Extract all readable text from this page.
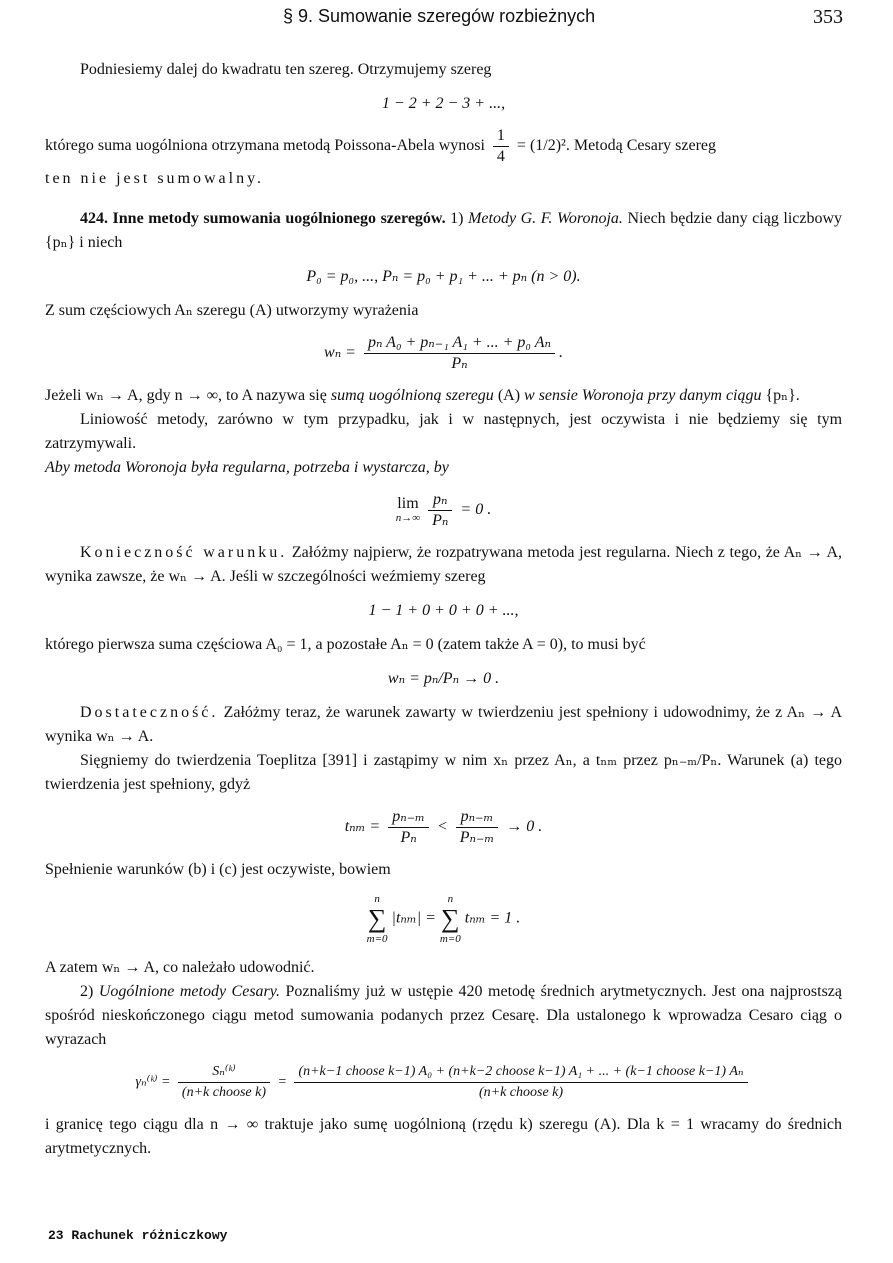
§ 9. Sumowanie szeregów rozbieżnych	353

Podniesiemy dalej do kwadratu ten szereg. Otrzymujemy szereg

1 − 2 + 2 − 3 + ...,

którego suma uogólniona otrzymana metodą Poissona-Abela wynosi $\frac{1}{4} = (1/2)^2$. Metodą Cesary szereg
ten nie jest sumowalny.

424. Inne metody sumowania uogólnionego szeregów. 1) Metody G. F. Woronoja. Niech będzie dany ciąg liczbowy {pₙ} i niech

P₀ = p₀, ..., Pₙ = p₀ + p₁ + ... + pₙ (n > 0).

Z sum częściowych Aₙ szeregu (A) utworzymy wyrażenia

$w_n = \frac{\text{pₙ A₀ + pₙ₋₁ A₁ + ... + p₀ Aₙ}}{\text{Pₙ}}$ .

Jeżeli wₙ → A, gdy n → ∞, to A nazywa się sumą uogólnioną szeregu (A) w sensie Woronoja przy danym ciągu {pₙ}.

Liniowość metody, zarówno w tym przypadku, jak i w następnych, jest oczywista i nie będziemy się tym zatrzymywali.

Aby metoda Woronoja była regularna, potrzeba i wystarcza, by

lim
n→∞
$\frac{\text{pₙ}}{\text{Pₙ}} = 0$ .

Konieczność warunku. Załóżmy najpierw, że rozpatrywana metoda jest regularna. Niech z tego, że Aₙ → A, wynika zawsze, że wₙ → A. Jeśli w szczególności weźmiemy szereg

1 − 1 + 0 + 0 + 0 + ...,

którego pierwsza suma częściowa A₀ = 1, a pozostałe Aₙ = 0 (zatem także A = 0), to musi być

wₙ = pₙ/Pₙ → 0 .

Dostateczność. Załóżmy teraz, że warunek zawarty w twierdzeniu jest spełniony i udowodnimy, że z Aₙ → A wynika wₙ → A.

Sięgniemy do twierdzenia Toeplitza [391] i zastąpimy w nim xₙ przez Aₙ, a tₙₘ przez pₙ₋ₘ/Pₙ. Warunek (a) tego twierdzenia jest spełniony, gdyż

$t_{nm} = \frac{\text{pₙ₋ₘ}}{\text{Pₙ}} < \frac{\text{pₙ₋ₘ}}{\text{Pₙ₋ₘ}} \to 0$ .

Spełnienie warunków (b) i (c) jest oczywiste, bowiem

n
∑
m=0
|tₙₘ| =
n
∑
m=0
tₙₘ = 1 .

A zatem wₙ → A, co należało udowodnić.

2) Uogólnione metody Cesary. Poznaliśmy już w ustępie 420 metodę średnich arytmetycznych. Jest ona najprostszą spośród nieskończonego ciągu metod sumowania podanych przez Cesarę. Dla ustalonego k wprowadza Cesaro ciąg o wyrazach

γₙ⁽ᵏ⁾ = $\frac{\text{Sₙ⁽ᵏ⁾}}{\text{(n+k choose k)}}$ =
(n+k−1 choose k−1) A₀ + (n+k−2 choose k−1) A₁ + ... + (k−1 choose k−1) Aₙ
(n+k choose k)

i granicę tego ciągu dla n → ∞ traktuje jako sumę uogólnioną (rzędu k) szeregu (A). Dla k = 1 wracamy do średnich arytmetycznych.

23 Rachunek różniczkowy
